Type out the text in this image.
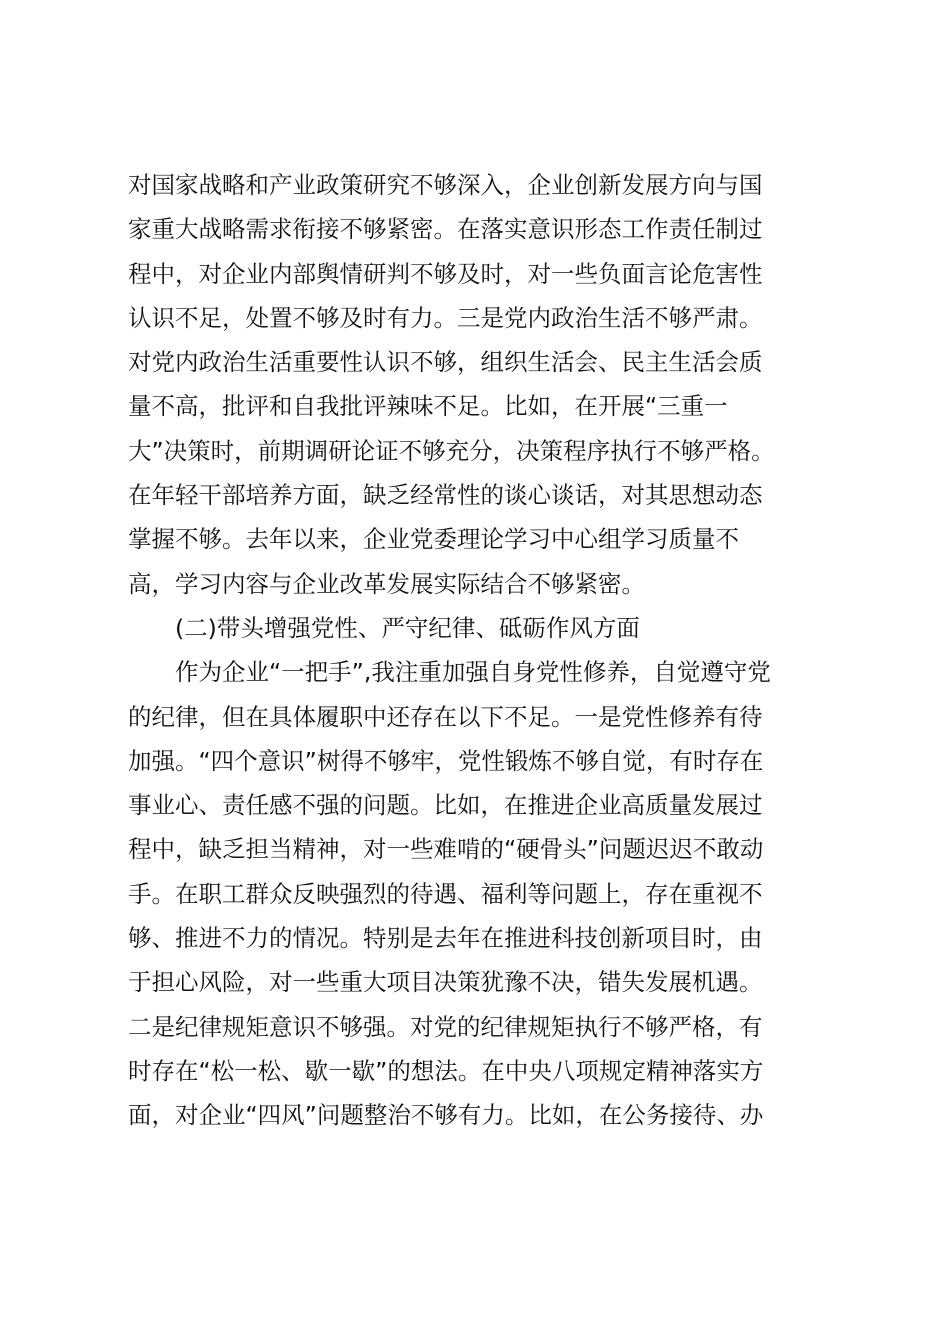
对国家战略和产业政策研究不够深入，企业创新发展方向与国
家重大战略需求衔接不够紧密。在落实意识形态工作责任制过
程中，对企业内部舆情研判不够及时，对一些负面言论危害性
认识不足，处置不够及时有力。三是党内政治生活不够严肃。
对党内政治生活重要性认识不够，组织生活会、民主生活会质
量不高，批评和自我批评辣味不足。比如，在开展“三重一
大”决策时，前期调研论证不够充分，决策程序执行不够严格。
在年轻干部培养方面，缺乏经常性的谈心谈话，对其思想动态
掌握不够。去年以来，企业党委理论学习中心组学习质量不
高，学习内容与企业改革发展实际结合不够紧密。
(二)带头增强党性、严守纪律、砥砺作风方面
作为企业“一把手”,我注重加强自身党性修养，自觉遵守党
的纪律，但在具体履职中还存在以下不足。一是党性修养有待
加强。“四个意识”树得不够牢，党性锻炼不够自觉，有时存在
事业心、责任感不强的问题。比如，在推进企业高质量发展过
程中，缺乏担当精神，对一些难啃的“硬骨头”问题迟迟不敢动
手。在职工群众反映强烈的待遇、福利等问题上，存在重视不
够、推进不力的情况。特别是去年在推进科技创新项目时，由
于担心风险，对一些重大项目决策犹豫不决，错失发展机遇。
二是纪律规矩意识不够强。对党的纪律规矩执行不够严格，有
时存在“松一松、歇一歇”的想法。在中央八项规定精神落实方
面，对企业“四风”问题整治不够有力。比如，在公务接待、办
